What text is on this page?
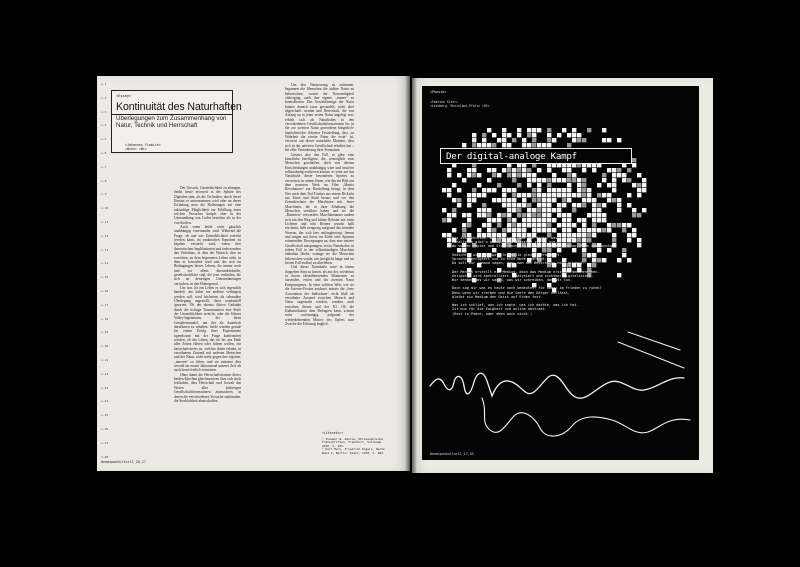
n.1
n.2
n.3
n.4
n.5
n.6
n.7
n.8
n.9
n.10
n.11
n.12
n.13
n.14
n.15
n.16
n.17
n.18
n.19
n.20
n.21
n.22
n.23
n.24
n.25
n.26
n.27
n.28
«Essay»
Kontinuität des Naturhaften
Überlegungen zum Zusammenhang von Natur, Technik und Herrschaft
«Johannes Fiebich»
«Wien» «Wi»

Der Versuch, Unsterblichkeit zu erlangen, findet heute insoweit in der Sphäre des Digitalen statt, als die Techniken, durch deren Einsatz er unternommen wird oder an deren Erfindung man die Hoffnungen auf eine zukünftige Möglichkeit zur Erfüllung eines solchen Versuches knüpft, eher in der Umwandlung von Codes bestehen als in der von Stoffen.

Auch wenn beide nicht gänzlich unabhängig voneinander sind. Während die Frage, ob und wie Unsterblichkeit erreicht werden kann, im praktischen Erproben zu bejahen versucht wird, treten ihre theoretischen Implikationen und insbesondere das Verhältnis, in dem der Wunsch, dies zu erreichen, zu dem begrenzten Leben steht, in dem er formuliert wird und das sich im Bedingungen dieses Lebens, die immer noch und vor allem überindividuelle, gesellschaftliche sind, die jene verfinden, die sich an derartigen Unternehmungen versuchen, in den Hintergrund.

Um was für ein Leben es sich eigentlich handelt, das dabei ins endlose verlängert werden soll, wird höchstens als sekundäre Überlegung angestellt, diese tendenziell ignoriert. Ob der ebenso fiktive Gedanke durch die richtige Transmutation eine Stufe der Unsterblichkeit erreicht, oder die Silicon Valley-Ingenieurin, die ihren Gestaltenwandel, um ihn als dauerhaft abrufbaren zu erhalten: beide würden gerade bei einem Erfolg ihrer Experimente irgendwann mit der Frage konfrontiert werden, ob das Leben, das sie bis ans Ende aller Zeiten führen oder führen wollen, ein herrschaftsfreies ist, welches ihnen erlaubt, in versöhntem Zustand mit anderen Menschen und der Natur, nicht mehr gegen ihre eigenen, „inneren“ zu leben, und sie müssten dies sowohl im ersten Jahrtausend unserer Zeit als auch heute freilich verneinen.

Ohne damit die Herrschaftsformen dieser beiden Epochen gleichzusetzen lässt sich doch festhalten, dass Herrschaft und Gewalt das Wesen aller bisherigen Gesellschaftsformationen ausmachten, in denen die verschiedenen Versuche stattfanden, die Sterblichkeit abzuschaffen.

Um den Naturzwang zu entrinnen, begannen die Menschen die äußere Natur zu beherrschen, womit die Notwendigkeit einherging, auch ihre eigene, „innere“ zu kontrollieren. Das Gewaltförmige der Natur konnte danach zwar gewandelt, nicht aber abgeschafft werden und Herrschaft, die von Anfang an in jener ersten Natur angelegt war, erhielt sich als Naturhaftes in den verschiedenen Gesellschaftsformationen bis in die zur zweiten Natur gewordene bürgerlich-kapitalistische. Adornos Feststellung, dass „in Wahrheit die zweite Natur die erste“ ist, verweist auf dieses naturhafte Moment, dass sich in der unfreien Gesellschaft erhalten hat – bei aller Veränderung ihrer Formation.

Gesetzt also den Fall, es gäbe eine künstliche Intelligenz, die, womöglich vom Menschen geschaffen, doch von diesem Entscheidungen unabhängig wäre und insofern selbstständig existieren könnte: es wäre auf das Naturhafte dieser besonderen Spezies zu verweisen, in einem Sinne, wie ihn ein Bild aus dem neuesten Werk im Film „Matrix Revolutions“ zur Darstellung bringt, in dem Neo nach dem Tod Trinitys aus einem Dickicht aus Eisen und Stahl heraus und vor den Zentralrechner der Maschinen tritt. Jener Maschinen, die in ihrer Erhaltung die Menschen versklavt haben und sie die „Batterien“ verwerden. Maschinenarme ranken sich um den Weg und kleine Roboter mit roten Lichtern und acht Beinen wuseln halb erscheint, halb neugierig aufgrund des fremden Wesens, das sich hier entlangbewegt, herum und zeigen mit ihren, im Käfer oder Spinnen erinnernden, Bewegungen an, dass eine unfreie Gesellschaft entsprungen, etwas Naturhaftes in jedem Fall in der selbstständigen Maschine enthalten bliebe, solange sie die Menschen beherrschen würde, um (möglicht lange und im besten Fall endlos) zu überleben.

Und dieses Naturhafte wäre in einem doppelten Sinn zu fassen, als aus der, wiederum in ihrem identifizierenden Momenten zu fassenden, ersten und der zweiten Natur Entsprungenes. In einer solchen Welt, wie sie die Science-Fiction zeichnet, müsste die „freie Assoziation der Individuen“ nicht bloß als versöhnter Zustand zwischen Mensch und Natur angestrebt werden, sondern auch zwischen diesen und der KI. Ob die Kulturindustrie dem Befragten kann, scheint nicht zweitrangig aufgrund der wiederkehrenden Motive des Opfers zum Zwecke der Erlösung fraglich.

«Literatur»
¹ Theodor W. Adorno, Philosophische Frühschriften, Frankfurt, Suhrkamp, 2010, S. 365.
² Karl Marx, Friedrich Engels, Werke Band 4, Berlin: Dietz, 1978, S. 482.
#nemiponkultur11_28_17
«Poesie»
«Sabrina Stier»
«Leinberg, Rheinland-Pfalz» «DE»
Der digital-analoge Kampf

Was ich schreibe, was ich sage, was ich denke, was ich tu.
Parallelen gibt's genug, doch dasselbe ist es nie.
Wo vorher Papier und Stift noch lag, liegt jetzt ein Laptop, Maus und Monitor.

Gedichten wird getippt, Grammatik gleich verbessert.
Sprache korrigiert und in eine Norm gedrängt.
Da soll mir jemand sagen, dass man den Bezirkstyp noch erkennt.

Der Mensch erstellt ein Medium, doch das Medium erstellt den Menschen.
Getipptes wird kontrolliert, analysiert und sichtbar digitalisiert.
Wir denken was wir sagen, was wir schreiben, das wir tun.

Doch sag mir was es heute noch bedeutet, für immer im Frieden zu ruhen?
Denn wenn wir sterben und die Seele den Körper verlässt,
bleibt ein Medium den Geist auf Erden fest.

Was ich schlief, was ich sagte, was ich dachte, was ich tat.
Ist nun für die Ewigkeit und online abstrakt.
(Rest in Peace, oder eben auch nicht.)

#nemiponkultur11_17_43
